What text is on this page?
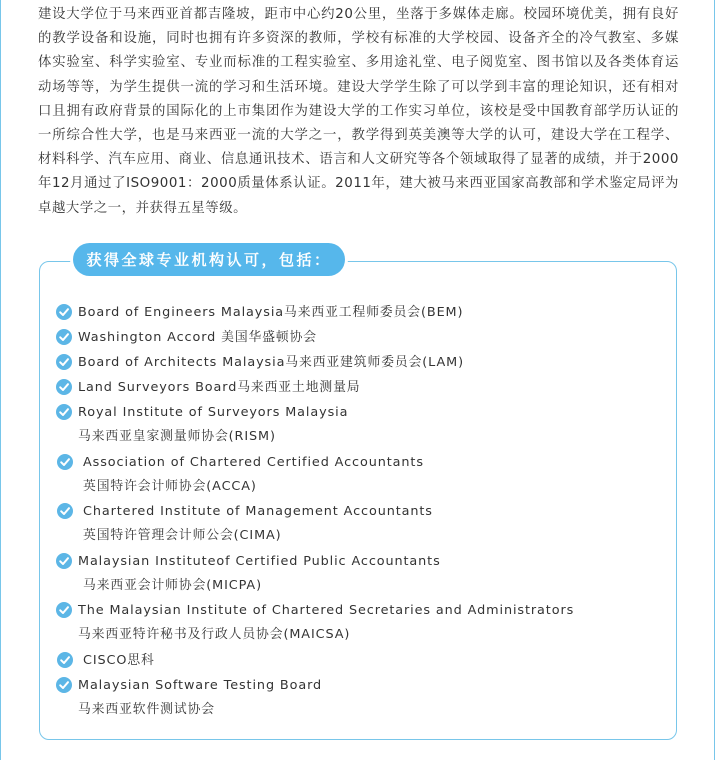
建设大学位于马来西亚首都吉隆坡，距市中心约20公里，坐落于多媒体走廊。校园环境优美，拥有良好的教学设备和设施，同时也拥有许多资深的教师，学校有标准的大学校园、设备齐全的冷气教室、多媒体实验室、科学实验室、专业而标准的工程实验室、多用途礼堂、电子阅览室、图书馆以及各类体育运动场等等，为学生提供一流的学习和生活环境。建设大学学生除了可以学到丰富的理论知识，还有相对口且拥有政府背景的国际化的上市集团作为建设大学的工作实习单位，该校是受中国教育部学历认证的一所综合性大学，也是马来西亚一流的大学之一，教学得到英美澳等大学的认可，建设大学在工程学、材料科学、汽车应用、商业、信息通讯技术、语言和人文研究等各个领域取得了显著的成绩，并于2000年12月通过了ISO9001：2000质量体系认证。2011年，建大被马来西亚国家高教部和学术鉴定局评为卓越大学之一，并获得五星等级。

获得全球专业机构认可，包括：
Board of Engineers Malaysia马来西亚工程师委员会(BEM)
Washington Accord 美国华盛顿协会
Board of Architects Malaysia马来西亚建筑师委员会(LAM)
Land Surveyors Board马来西亚土地测量局
Royal Institute of Surveyors Malaysia
马来西亚皇家测量师协会(RISM)
Association of Chartered Certified Accountants
英国特许会计师协会(ACCA)
Chartered Institute of Management Accountants
英国特许管理会计师公会(CIMA)
Malaysian Instituteof Certified Public Accountants
马来西亚会计师协会(MICPA)
The Malaysian Institute of Chartered Secretaries and Administrators
马来西亚特许秘书及行政人员协会(MAICSA)
CISCO思科
Malaysian Software Testing Board
马来西亚软件测试协会
